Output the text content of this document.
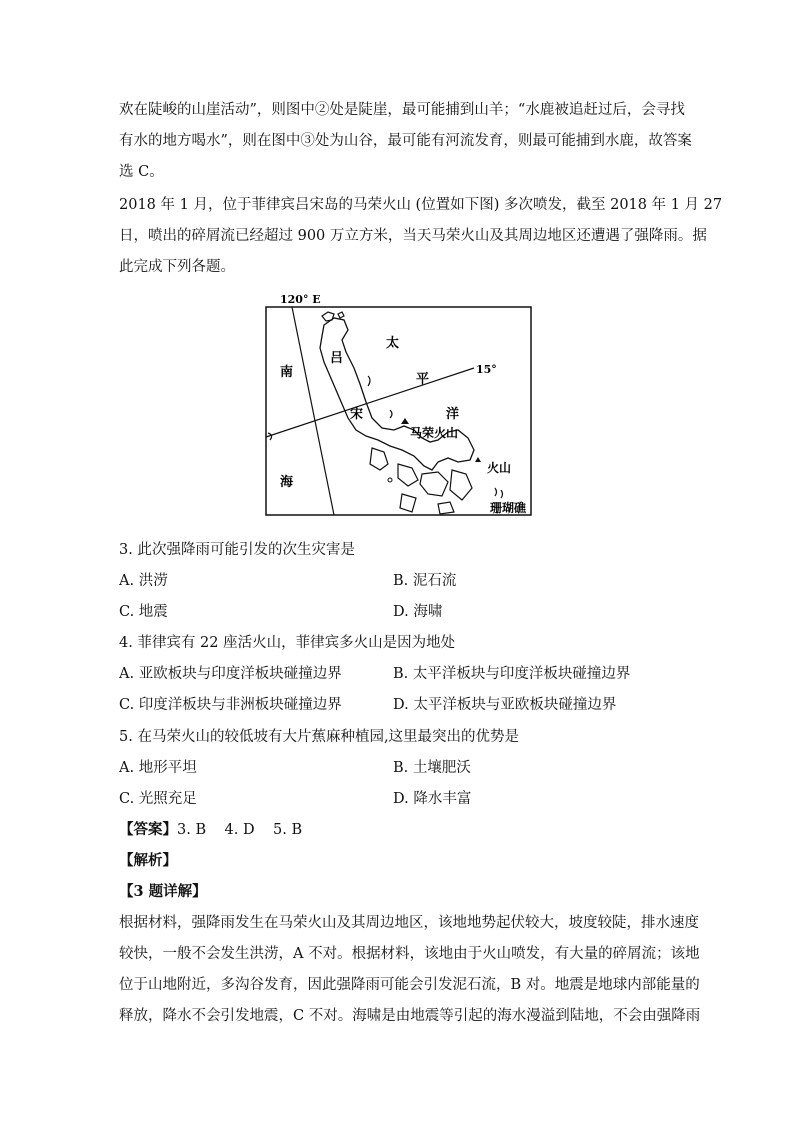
欢在陡峻的山崖活动”，则图中②处是陡崖，最可能捕到山羊；“水鹿被追赶过后，会寻找
有水的地方喝水”，则在图中③处为山谷，最可能有河流发育，则最可能捕到水鹿，故答案
选 C。
2018 年 1 月，位于菲律宾吕宋岛的马荣火山 (位置如下图) 多次喷发，截至 2018 年 1 月 27
日，喷出的碎屑流已经超过 900 万立方米，当天马荣火山及其周边地区还遭遇了强降雨。据
此完成下列各题。
120° E
15°
南
海
吕
宋
太
平
洋
马荣火山
火山
珊瑚礁
3. 此次强降雨可能引发的次生灾害是
A. 洪涝	B. 泥石流
C. 地震	D. 海啸
4. 菲律宾有 22 座活火山，菲律宾多火山是因为地处
A. 亚欧板块与印度洋板块碰撞边界	B. 太平洋板块与印度洋板块碰撞边界
C. 印度洋板块与非洲板块碰撞边界	D. 太平洋板块与亚欧板块碰撞边界
5. 在马荣火山的较低坡有大片蕉麻种植园,这里最突出的优势是
A. 地形平坦	B. 土壤肥沃
C. 光照充足	D. 降水丰富
【答案】3. B    4. D    5. B
【解析】
【3 题详解】
根据材料，强降雨发生在马荣火山及其周边地区，该地地势起伏较大，坡度较陡，排水速度
较快，一般不会发生洪涝，A 不对。根据材料，该地由于火山喷发，有大量的碎屑流；该地
位于山地附近，多沟谷发育，因此强降雨可能会引发泥石流，B 对。地震是地球内部能量的
释放，降水不会引发地震，C 不对。海啸是由地震等引起的海水漫溢到陆地，不会由强降雨
